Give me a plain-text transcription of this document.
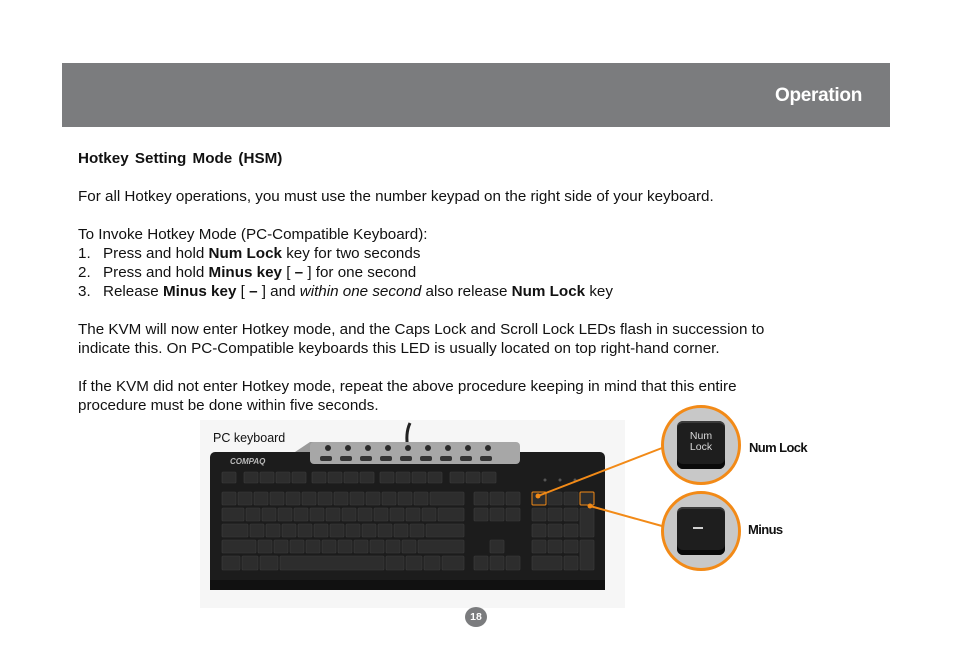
Operation

Hotkey Setting Mode (HSM)

For all Hotkey operations, you must use the number keypad on the right side of your keyboard.

To Invoke Hotkey Mode (PC-Compatible Keyboard):

1. Press and hold Num Lock key for two seconds

2. Press and hold Minus key [ – ] for one second

3. Release Minus key [ – ] and within one second also release Num Lock key

The KVM will now enter Hotkey mode, and the Caps Lock and Scroll Lock LEDs flash in succession to
indicate this. On PC-Compatible keyboards this LED is usually located on top right-hand corner.

If the KVM did not enter Hotkey mode, repeat the above procedure keeping in mind that this entire
procedure must be done within five seconds.

COMPAQ
PC keyboard	Num
Lock	Num Lock
Minus
18
